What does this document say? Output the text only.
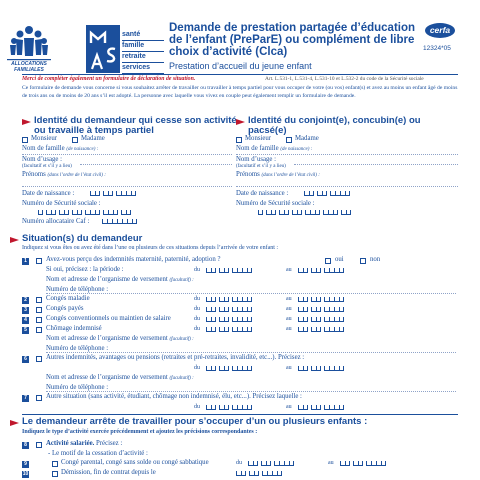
ALLOCATIONS FAMILIALES
santé
famille
retraite
services
Demande de prestation partagée d’éducation de l’enfant (PreParE) ou complément de libre choix d’activité (Clca)
Prestation d’accueil du jeune enfant
cerfa
12324*05
Merci de compléter également un formulaire de déclaration de situation.	Art. L.531-1, L.531-4, L.531-10 et L.532-2 du code de la Sécurité sociale
Ce formulaire de demande vous concerne si vous souhaitez arrêter de travailler ou travailler à temps partiel pour vous occuper de votre (ou vos) enfant(s) et avez au moins un enfant âgé de moins de trois ans ou de moins de 20 ans s’il est adopté. La personne avec laquelle vous vivez en couple peut également remplir un formulaire de demande.
Identité du demandeur qui cesse son activité ou travaille à temps partiel
Identité du conjoint(e), concubin(e) ou pacsé(e)
Monsieur	Madame
Nom de famille (de naissance) :
Nom d’usage :
(facultatif et s’il y a lieu)
Prénoms (dans l’ordre de l’état civil) :
Date de naissance :
Numéro de Sécurité sociale :
Numéro allocataire Caf :
Monsieur	Madame
Nom de famille (de naissance) :
Nom d’usage :
(facultatif et s’il y a lieu)
Prénoms (dans l’ordre de l’état civil) :
Date de naissance :
Numéro de Sécurité sociale :
Situation(s) du demandeur
Indiquez si vous êtes ou avez été dans l’une ou plusieurs de ces situations depuis l’arrivée de votre enfant :
1	Avez-vous perçu des indemnités maternité, paternité, adoption ?	oui	non
Si oui, précisez : la période :	du	au
Nom et adresse de l’organisme de versement (facultatif) :
Numéro de téléphone :
2	Congés maladie	du	au
3	Congés payés	du	au
4	Congés conventionnels ou maintien de salaire	du	au
5	Chômage indemnisé	du	au
Nom et adresse de l’organisme de versement (facultatif) :
Numéro de téléphone :
6	Autres indemnités, avantages ou pensions (retraites et pré-retraites, invalidité, etc...). Précisez :
du	au
Nom et adresse de l’organisme de versement (facultatif) :
Numéro de téléphone :
7	Autre situation (sans activité, étudiant, chômage non indemnisé, élu, etc...). Précisez laquelle :
du	au
Le demandeur arrête de travailler pour s’occuper d’un ou plusieurs enfants :
Indiquez le type d’activité exercée précédemment et ajoutez les précisions correspondantes :
8	Activité salariée. Précisez :
- Le motif de la cessation d’activité :
9	Congé parental, congé sans solde ou congé sabbatique	du	au
10	Démission, fin de contrat depuis le
